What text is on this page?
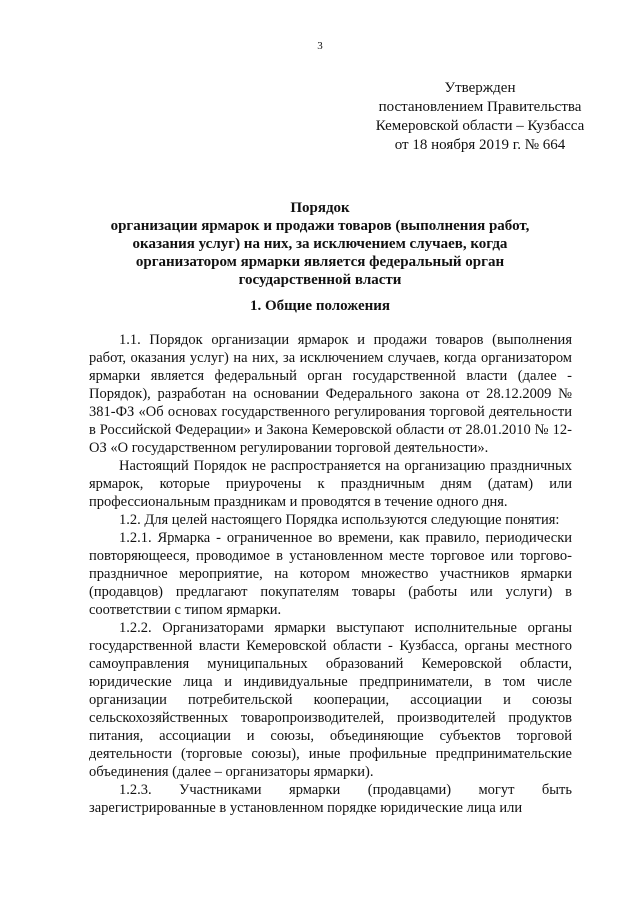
3
Утвержден
постановлением Правительства
Кемеровской области – Кузбасса
от 18 ноября 2019 г. № 664
Порядок
организации ярмарок и продажи товаров (выполнения работ,
оказания услуг) на них, за исключением случаев, когда
организатором ярмарки является федеральный орган
государственной власти
1. Общие положения

1.1. Порядок организации ярмарок и продажи товаров (выполнения работ, оказания услуг) на них, за исключением случаев, когда организатором ярмарки является федеральный орган государственной власти (далее - Порядок), разработан на основании Федерального закона от 28.12.2009 № 381-ФЗ «Об основах государственного регулирования торговой деятельности в Российской Федерации» и Закона Кемеровской области от 28.01.2010 № 12-ОЗ «О государственном регулировании торговой деятельности».

Настоящий Порядок не распространяется на организацию праздничных ярмарок, которые приурочены к праздничным дням (датам) или профессиональным праздникам и проводятся в течение одного дня.

1.2. Для целей настоящего Порядка используются следующие понятия:

1.2.1. Ярмарка - ограниченное во времени, как правило, периодически повторяющееся, проводимое в установленном месте торговое или торгово-праздничное мероприятие, на котором множество участников ярмарки (продавцов) предлагают покупателям товары (работы или услуги) в соответствии с типом ярмарки.

1.2.2. Организаторами ярмарки выступают исполнительные органы государственной власти Кемеровской области - Кузбасса, органы местного самоуправления муниципальных образований Кемеровской области, юридические лица и индивидуальные предприниматели, в том числе организации потребительской кооперации, ассоциации и союзы сельскохозяйственных товаропроизводителей, производителей продуктов питания, ассоциации и союзы, объединяющие субъектов торговой деятельности (торговые союзы), иные профильные предпринимательские объединения (далее – организаторы ярмарки).

1.2.3. Участниками ярмарки (продавцами) могут быть зарегистрированные в установленном порядке юридические лица или
